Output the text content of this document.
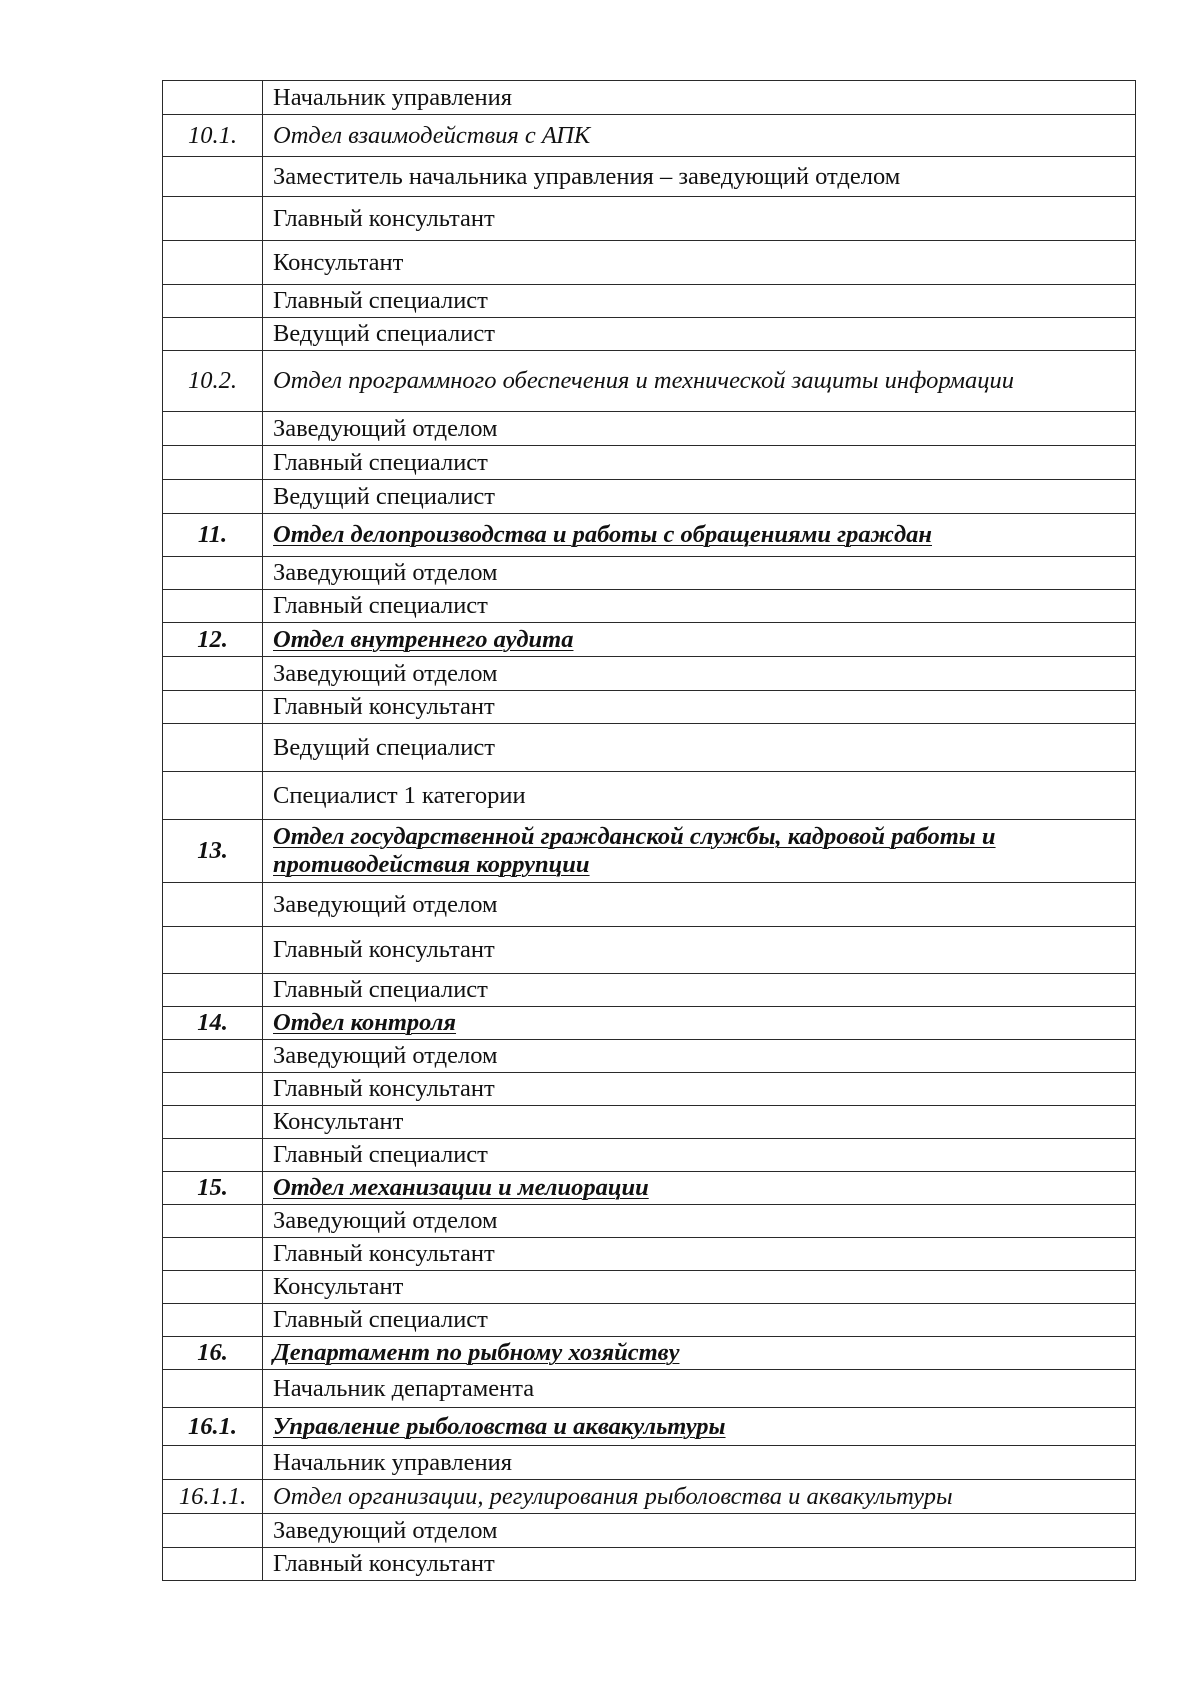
	Начальник управления
10.1.	Отдел взаимодействия с АПК
	Заместитель начальника управления – заведующий отделом
	Главный консультант
	Консультант
	Главный специалист
	Ведущий специалист
10.2.	Отдел программного обеспечения и технической защиты информации
	Заведующий отделом
	Главный специалист
	Ведущий специалист
11.	Отдел делопроизводства и работы с обращениями граждан
	Заведующий отделом
	Главный специалист
12.	Отдел внутреннего аудита
	Заведующий отделом
	Главный консультант
	Ведущий специалист
	Специалист 1 категории
13.	Отдел государственной гражданской службы, кадровой работы и противодействия коррупции
	Заведующий отделом
	Главный консультант
	Главный специалист
14.	Отдел контроля
	Заведующий отделом
	Главный консультант
	Консультант
	Главный специалист
15.	Отдел механизации и мелиорации
	Заведующий отделом
	Главный консультант
	Консультант
	Главный специалист
16.	Департамент по рыбному хозяйству
	Начальник департамента
16.1.	Управление рыболовства и аквакультуры
	Начальник управления
16.1.1.	Отдел организации, регулирования рыболовства и аквакультуры
	Заведующий отделом
	Главный консультант
